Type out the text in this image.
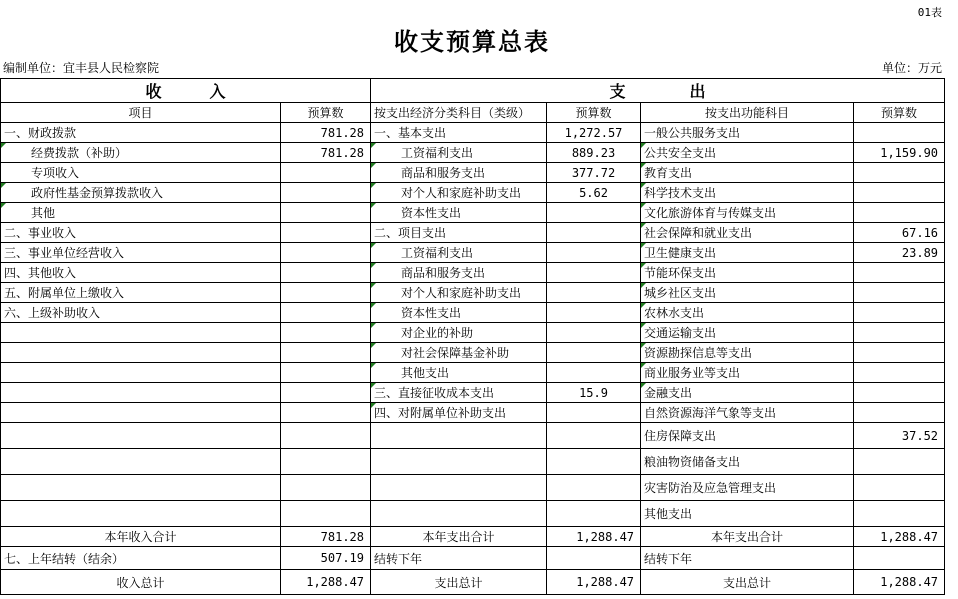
01表
收支预算总表
编制单位：宜丰县人民检察院	单位：万元
收　　　入		支　　　　出			
项目	预算数	按支出经济分类科目（类级）	预算数	按支出功能科目	预算数
一、财政拨款	781.28	一、基本支出	1,272.57	一般公共服务支出	
经费拨款（补助）	781.28	工资福利支出	889.23	公共安全支出	1,159.90
专项收入		商品和服务支出	377.72	教育支出	
政府性基金预算拨款收入		对个人和家庭补助支出	5.62	科学技术支出	
其他		资本性支出		文化旅游体育与传媒支出	
二、事业收入		二、项目支出		社会保障和就业支出	67.16
三、事业单位经营收入		工资福利支出		卫生健康支出	23.89
四、其他收入		商品和服务支出		节能环保支出	
五、附属单位上缴收入		对个人和家庭补助支出		城乡社区支出	
六、上级补助收入		资本性支出		农林水支出	
		对企业的补助		交通运输支出	
		对社会保障基金补助		资源勘探信息等支出	
		其他支出		商业服务业等支出	
		三、直接征收成本支出	15.9	金融支出	
		四、对附属单位补助支出		自然资源海洋气象等支出	
				住房保障支出	37.52
				粮油物资储备支出	
				灾害防治及应急管理支出	
				其他支出	
本年收入合计	781.28	本年支出合计	1,288.47	本年支出合计	1,288.47
七、上年结转（结余）	507.19	结转下年		结转下年	
收入总计	1,288.47	支出总计	1,288.47	支出总计	1,288.47
